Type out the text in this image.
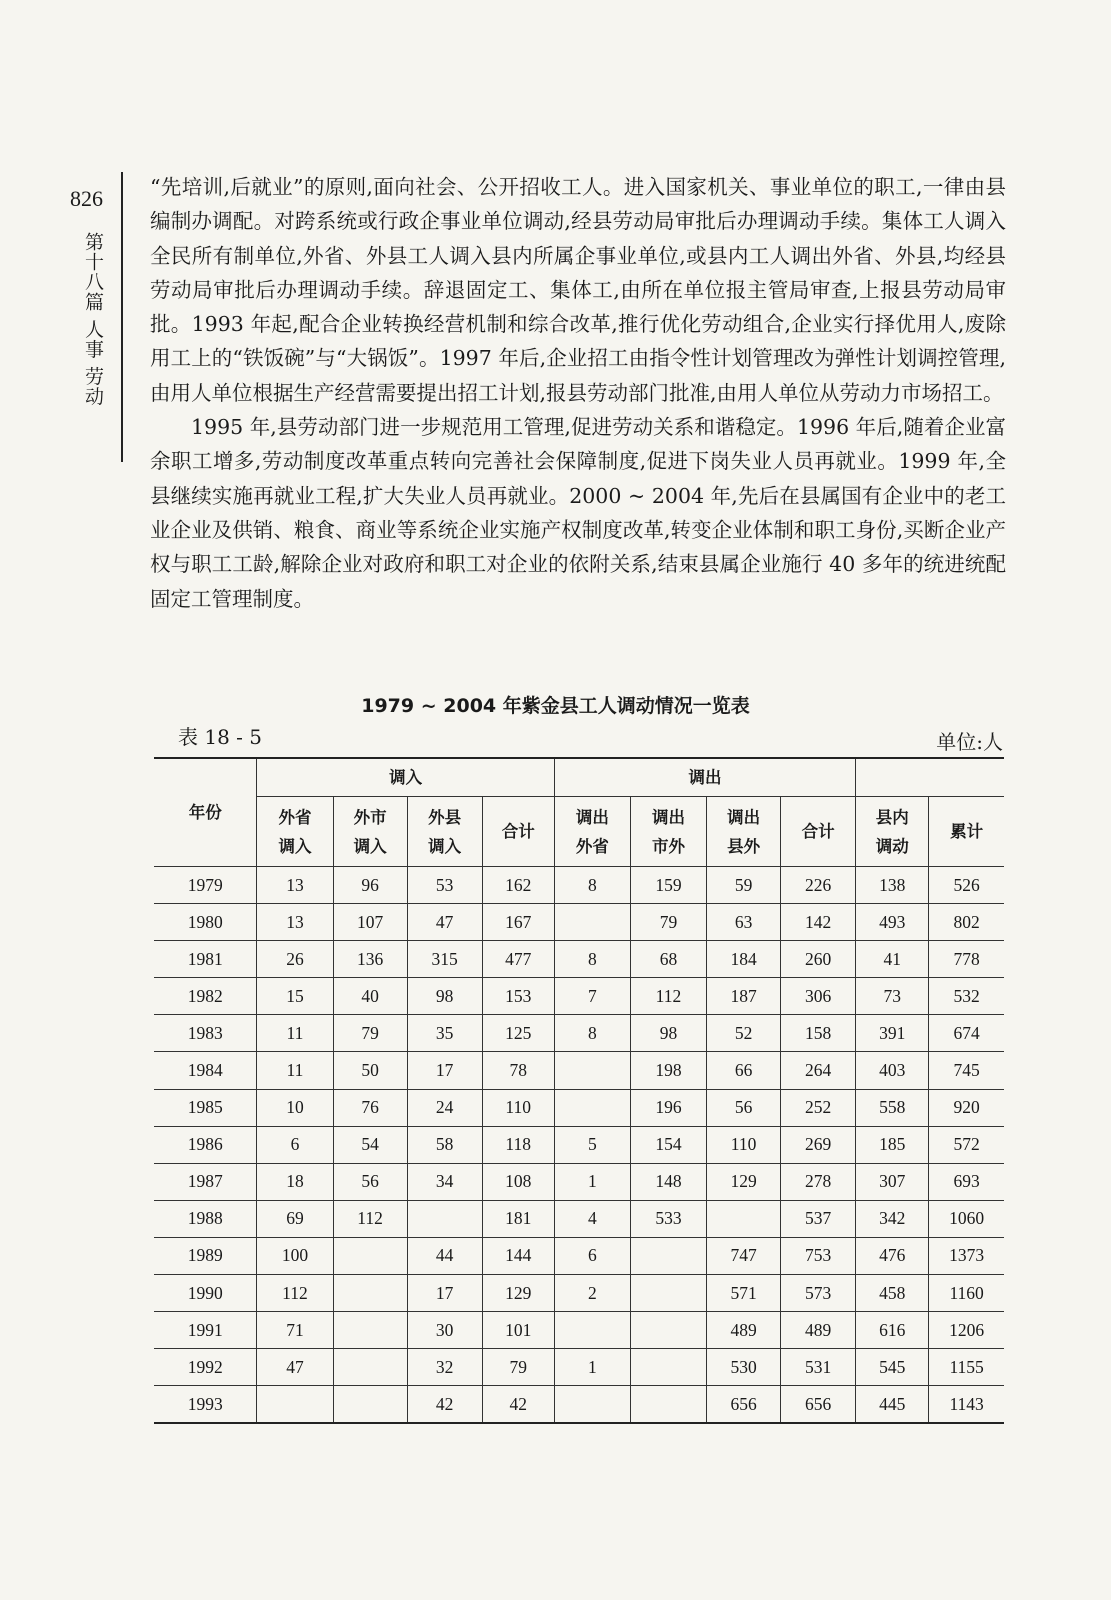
826
第十八篇 人事 劳动

“先培训,后就业”的原则,面向社会、公开招收工人。进入国家机关、事业单位的职工,一律由县编制办调配。对跨系统或行政企事业单位调动,经县劳动局审批后办理调动手续。集体工人调入全民所有制单位,外省、外县工人调入县内所属企事业单位,或县内工人调出外省、外县,均经县劳动局审批后办理调动手续。辞退固定工、集体工,由所在单位报主管局审查,上报县劳动局审批。1993 年起,配合企业转换经营机制和综合改革,推行优化劳动组合,企业实行择优用人,废除用工上的“铁饭碗”与“大锅饭”。1997 年后,企业招工由指令性计划管理改为弹性计划调控管理,由用人单位根据生产经营需要提出招工计划,报县劳动部门批准,由用人单位从劳动力市场招工。

1995 年,县劳动部门进一步规范用工管理,促进劳动关系和谐稳定。1996 年后,随着企业富余职工增多,劳动制度改革重点转向完善社会保障制度,促进下岗失业人员再就业。1999 年,全县继续实施再就业工程,扩大失业人员再就业。2000 ~ 2004 年,先后在县属国有企业中的老工业企业及供销、粮食、商业等系统企业实施产权制度改革,转变企业体制和职工身份,买断企业产权与职工工龄,解除企业对政府和职工对企业的依附关系,结束县属企业施行 40 多年的统进统配固定工管理制度。

1979 ~ 2004 年紫金县工人调动情况一览表
表 18 - 5	单位:人
年份	调入				调出					
	外省调入	外市调入	外县调入	合计	调出外省	调出市外	调出县外	合计	县内调动	累计
1979	13	96	53	162	8	159	59	226	138	526
1980	13	107	47	167		79	63	142	493	802
1981	26	136	315	477	8	68	184	260	41	778
1982	15	40	98	153	7	112	187	306	73	532
1983	11	79	35	125	8	98	52	158	391	674
1984	11	50	17	78		198	66	264	403	745
1985	10	76	24	110		196	56	252	558	920
1986	6	54	58	118	5	154	110	269	185	572
1987	18	56	34	108	1	148	129	278	307	693
1988	69	112		181	4	533		537	342	1060
1989	100		44	144	6		747	753	476	1373
1990	112		17	129	2		571	573	458	1160
1991	71		30	101			489	489	616	1206
1992	47		32	79	1		530	531	545	1155
1993			42	42			656	656	445	1143
